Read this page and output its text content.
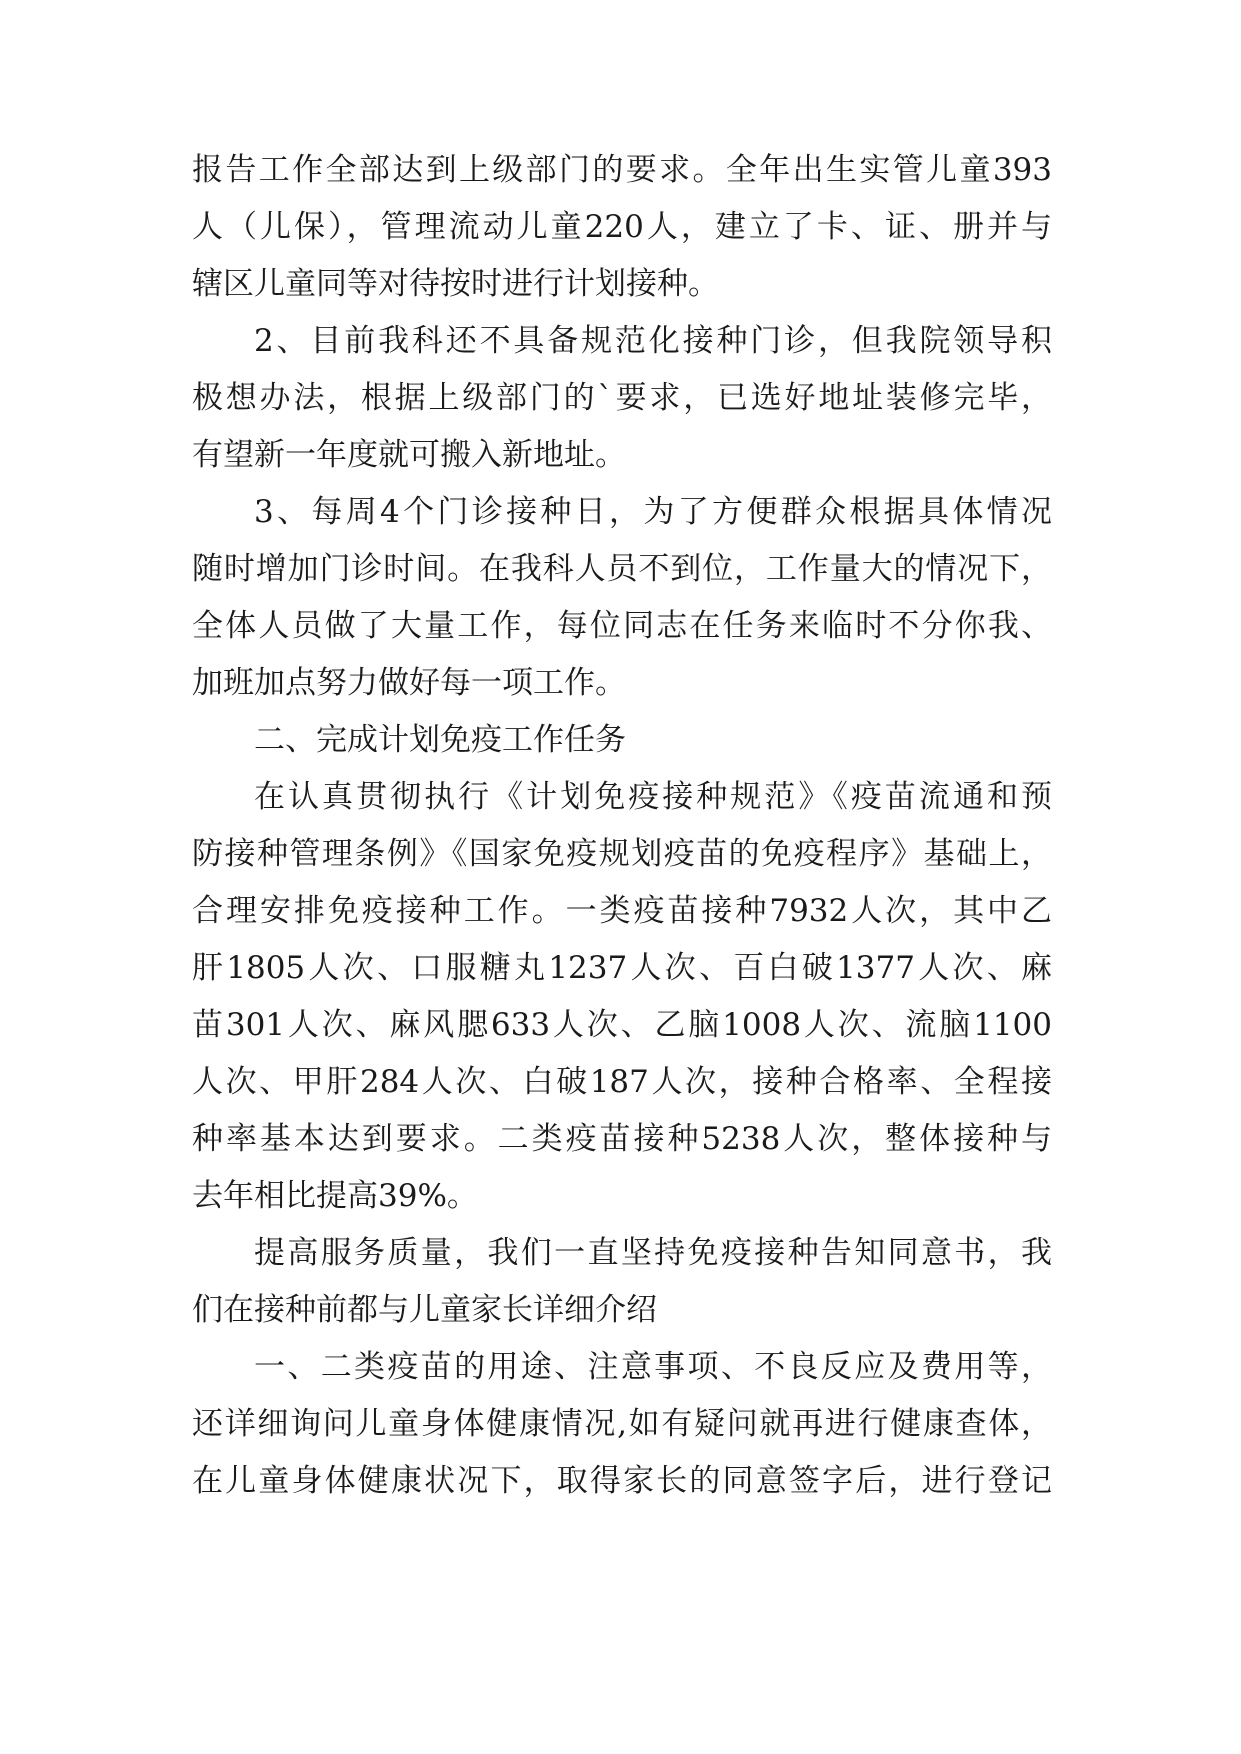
报告工作全部达到上级部门的要求。全年出生实管儿童393

人（儿保），管理流动儿童220人，建立了卡、证、册并与

辖区儿童同等对待按时进行计划接种。

2、目前我科还不具备规范化接种门诊，但我院领导积

极想办法，根据上级部门的`要求，已选好地址装修完毕，

有望新一年度就可搬入新地址。

3、每周4个门诊接种日，为了方便群众根据具体情况

随时增加门诊时间。在我科人员不到位，工作量大的情况下，

全体人员做了大量工作，每位同志在任务来临时不分你我、

加班加点努力做好每一项工作。

二、完成计划免疫工作任务

在认真贯彻执行《计划免疫接种规范》《疫苗流通和预

防接种管理条例》《国家免疫规划疫苗的免疫程序》基础上，

合理安排免疫接种工作。一类疫苗接种7932人次，其中乙

肝1805人次、口服糖丸1237人次、百白破1377人次、麻

苗301人次、麻风腮633人次、乙脑1008人次、流脑1100

人次、甲肝284人次、白破187人次，接种合格率、全程接

种率基本达到要求。二类疫苗接种5238人次，整体接种与

去年相比提高39%。

提高服务质量，我们一直坚持免疫接种告知同意书，我

们在接种前都与儿童家长详细介绍

一、二类疫苗的用途、注意事项、不良反应及费用等，

还详细询问儿童身体健康情况,如有疑问就再进行健康查体，

在儿童身体健康状况下，取得家长的同意签字后，进行登记
